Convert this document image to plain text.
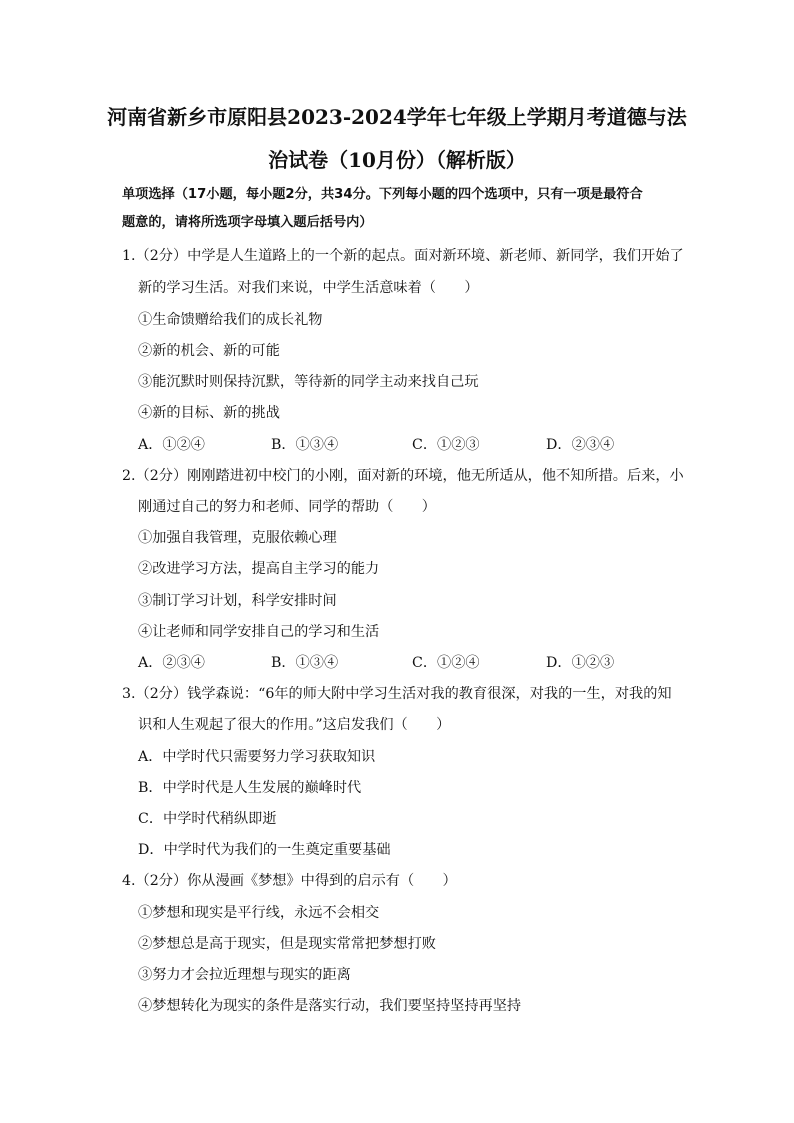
河南省新乡市原阳县2023-2024学年七年级上学期月考道德与法
治试卷（10月份）（解析版）
单项选择（17小题，每小题2分，共34分。下列每小题的四个选项中，只有一项是最符合
题意的，请将所选项字母填入题后括号内）
1.（2分）中学是人生道路上的一个新的起点。面对新环境、新老师、新同学，我们开始了
新的学习生活。对我们来说，中学生活意味着（　　）
①生命馈赠给我们的成长礼物
②新的机会、新的可能
③能沉默时则保持沉默，等待新的同学主动来找自己玩
④新的目标、新的挑战
A．①②④	B．①③④	C．①②③	D．②③④
2.（2分）刚刚踏进初中校门的小刚，面对新的环境，他无所适从，他不知所措。后来，小
刚通过自己的努力和老师、同学的帮助（　　）
①加强自我管理，克服依赖心理
②改进学习方法，提高自主学习的能力
③制订学习计划，科学安排时间
④让老师和同学安排自己的学习和生活
A．②③④	B．①③④	C．①②④	D．①②③
3.（2分）钱学森说：“6年的师大附中学习生活对我的教育很深，对我的一生，对我的知
识和人生观起了很大的作用。”这启发我们（　　）
A．中学时代只需要努力学习获取知识
B．中学时代是人生发展的巅峰时代
C．中学时代稍纵即逝
D．中学时代为我们的一生奠定重要基础
4.（2分）你从漫画《梦想》中得到的启示有（　　）
①梦想和现实是平行线，永远不会相交
②梦想总是高于现实，但是现实常常把梦想打败
③努力才会拉近理想与现实的距离
④梦想转化为现实的条件是落实行动，我们要坚持坚持再坚持
